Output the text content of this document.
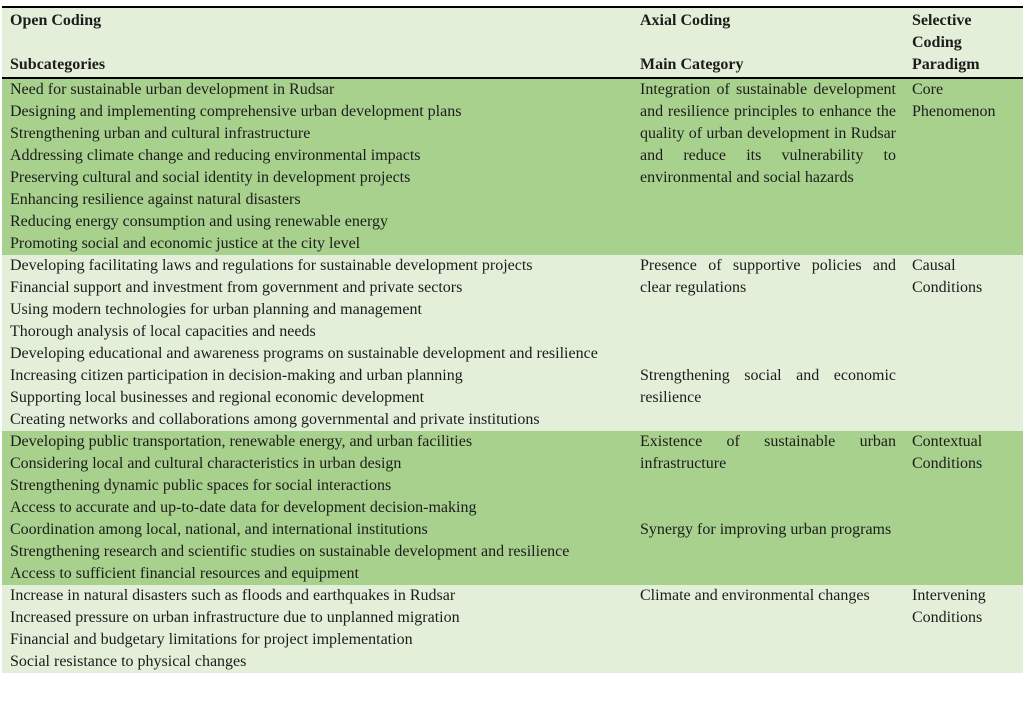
Open Coding
Subcategories
Axial Coding
Main Category
Selective Coding
Paradigm
Need for sustainable urban development in Rudsar
Designing and implementing comprehensive urban development plans
Strengthening urban and cultural infrastructure
Addressing climate change and reducing environmental impacts
Preserving cultural and social identity in development projects
Enhancing resilience against natural disasters
Reducing energy consumption and using renewable energy
Promoting social and economic justice at the city level
Integration of sustainable development and resilience principles to enhance the quality of urban development in Rudsar and reduce its vulnerability to environmental and social hazards
Core Phenomenon
Developing facilitating laws and regulations for sustainable development projects
Financial support and investment from government and private sectors
Using modern technologies for urban planning and management
Thorough analysis of local capacities and needs
Developing educational and awareness programs on sustainable development and resilience
Presence of supportive policies and clear regulations
Increasing citizen participation in decision-making and urban planning
Supporting local businesses and regional economic development
Creating networks and collaborations among governmental and private institutions
Strengthening social and economic resilience
Causal Conditions
Developing public transportation, renewable energy, and urban facilities
Considering local and cultural characteristics in urban design
Strengthening dynamic public spaces for social interactions
Access to accurate and up-to-date data for development decision-making
Existence of sustainable urban infrastructure
Coordination among local, national, and international institutions
Strengthening research and scientific studies on sustainable development and resilience
Access to sufficient financial resources and equipment
Synergy for improving urban programs
Contextual Conditions
Increase in natural disasters such as floods and earthquakes in Rudsar
Increased pressure on urban infrastructure due to unplanned migration
Financial and budgetary limitations for project implementation
Social resistance to physical changes
Climate and environmental changes	Intervening Conditions
